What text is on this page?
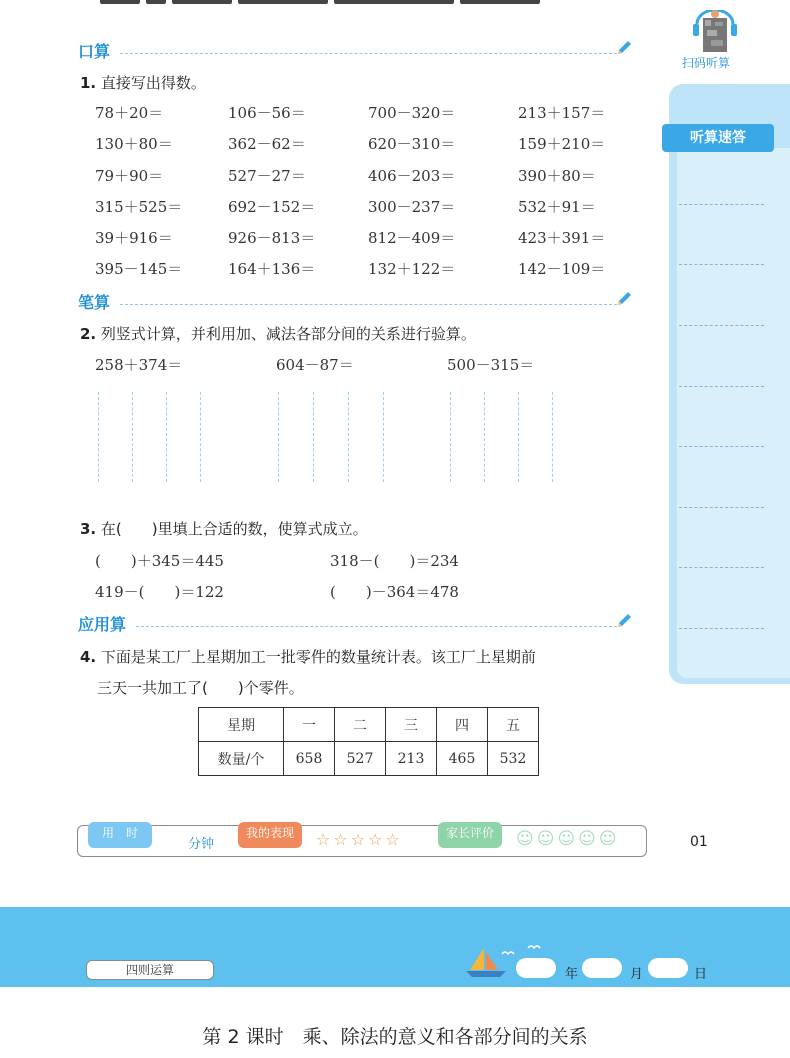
扫码听算
听算速答
口算
1. 直接写出得数。
78＋20＝	106－56＝	700－320＝	213＋157＝
130＋80＝	362－62＝	620－310＝	159＋210＝
79＋90＝	527－27＝	406－203＝	390＋80＝
315＋525＝	692－152＝	300－237＝	532＋91＝
39＋916＝	926－813＝	812－409＝	423＋391＝
395－145＝	164＋136＝	132＋122＝	142－109＝
笔算
2. 列竖式计算，并利用加、减法各部分间的关系进行验算。
258＋374＝	604－87＝	500－315＝
3. 在(　　)里填上合适的数，使算式成立。
(　　)＋345＝445	318－(　　)＝234
419－(　　)＝122	(　　)－364＝478
应用算
4. 下面是某工厂上星期加工一批零件的数量统计表。该工厂上星期前
三天一共加工了(　　)个零件。
星期	一	二	三	四	五
数量/个	658	527	213	465	532
用　时
分钟
我的表现	☆☆☆☆☆	家长评价	☺☺☺☺☺	01
四则运算	年	月	日
第 2 课时　乘、除法的意义和各部分间的关系
